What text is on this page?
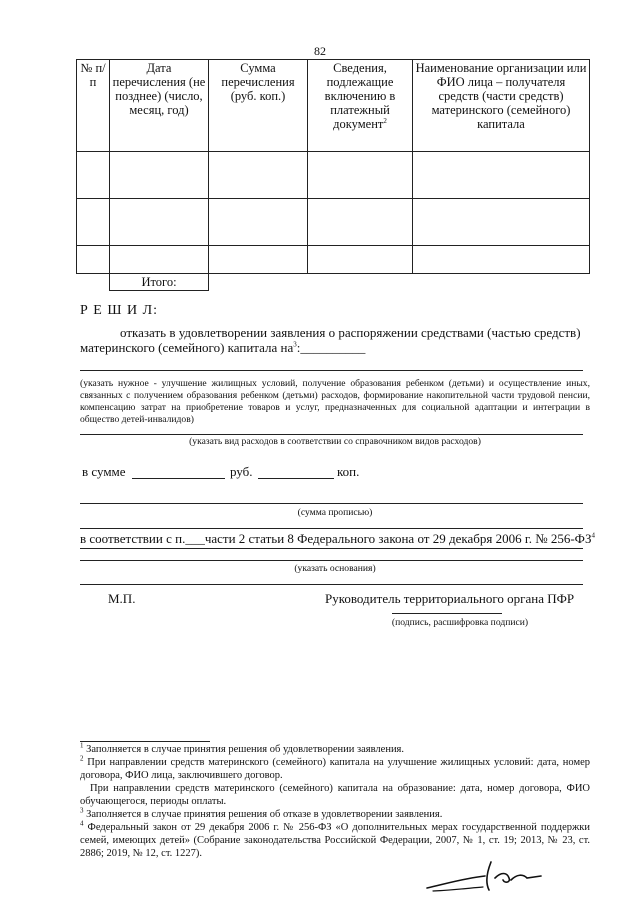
82
№ п/п	Дата перечисления (не позднее) (число, месяц, год)	Сумма перечисления (руб. коп.)	Сведения, подлежащие включению в платежный документ$^2$	Наименование организации или ФИО лица – получателя средств (части средств) материнского (семейного) капитала

	Итого:			
Р Е Ш И Л:
отказать в удовлетворении заявления о распоряжении средствами (частью средств)
материнского (семейного) капитала $на^3:\_\_\_\_\_\_\_\_\_\_$
(указать нужное - улучшение жилищных условий, получение образования ребенком (детьми) и осуществление иных, связанных с получением образования ребенком (детьми) расходов, формирование накопительной части трудовой пенсии, компенсацию затрат на приобретение товаров и услуг, предназначенных для социальной адаптации и интеграции в общество детей-инвалидов)
(указать вид расходов в соответствии со справочником видов расходов)
в сумме	руб.	коп.
(сумма прописью)
в соответствии с п.___части 2 статьи 8 Федерального закона от 29 декабря 2006 г. № $256-ФЗ^4$
(указать основания)
М.П.	Руководитель территориального органа ПФР
(подпись, расшифровка подписи)
$^1$ Заполняется в случае принятия решения об удовлетворении заявления.
$^2$ При направлении средств материнского (семейного) капитала на улучшение жилищных условий: дата, номер договора, ФИО лица, заключившего договор.
При направлении средств материнского (семейного) капитала на образование: дата, номер договора, ФИО обучающегося, периоды оплаты.
$^3$ Заполняется в случае принятия решения об отказе в удовлетворении заявления.
$^4$ Федеральный закон от 29 декабря 2006 г. № 256-ФЗ «О дополнительных мерах государственной поддержки семей, имеющих детей» (Собрание законодательства Российской Федерации, 2007, № 1, ст. 19; 2013, № 23, ст. 2886; 2019, № 12, ст. 1227).
